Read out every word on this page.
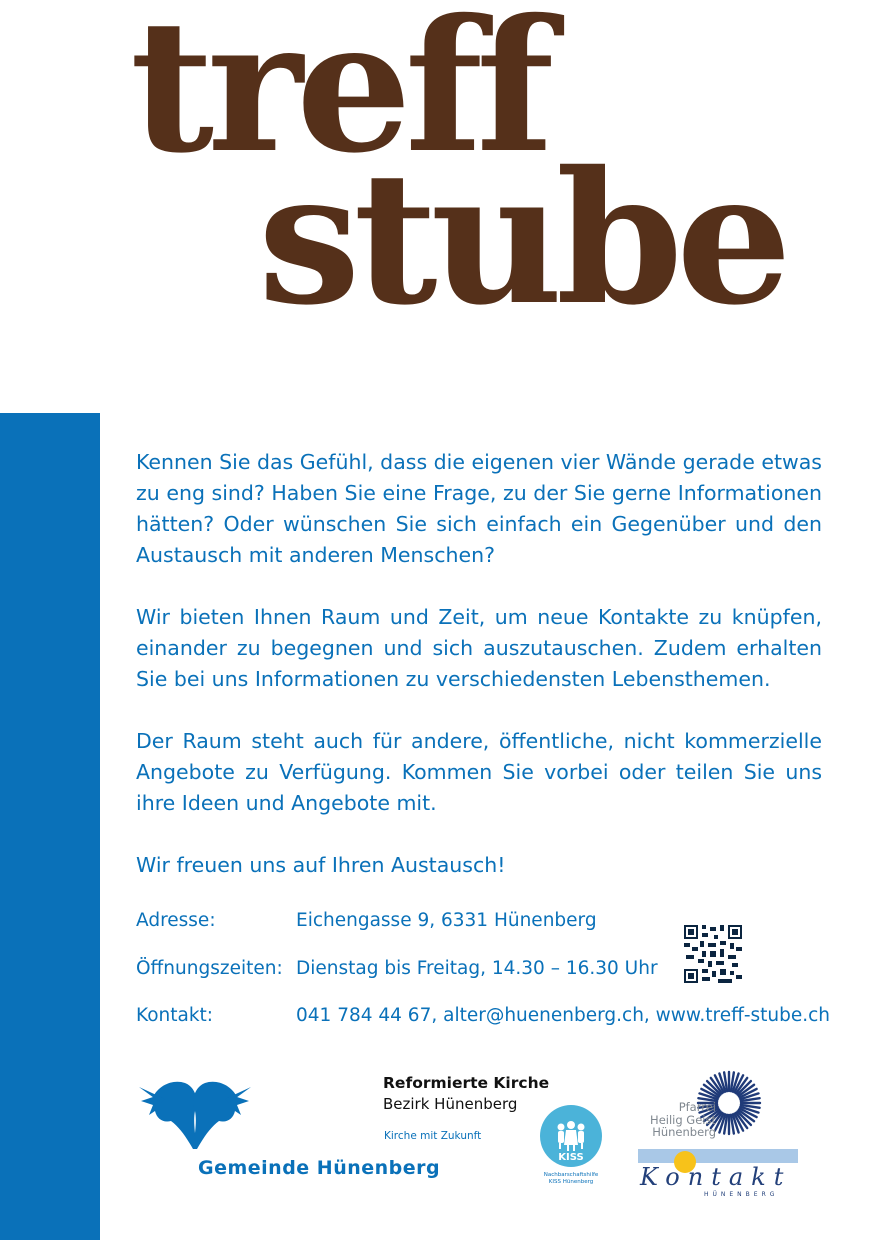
treff
stube

Kennen Sie das Gefühl, dass die eigenen vier Wände gerade etwas zu eng sind? Haben Sie eine Frage, zu der Sie gerne Informationen hätten? Oder wünschen Sie sich einfach ein Gegenüber und den Austausch mit anderen Menschen?

Wir bieten Ihnen Raum und Zeit, um neue Kontakte zu knüpfen, einander zu begegnen und sich auszutauschen. Zudem erhalten Sie bei uns Informationen zu verschiedensten Lebensthemen.

Der Raum steht auch für andere, öffentliche, nicht kommerzielle Angebote zu Verfügung. Kommen Sie vorbei oder teilen Sie uns ihre Ideen und Angebote mit.

Wir freuen uns auf Ihren Austausch!

Adresse:	Eichengasse 9, 6331 Hünenberg
Öffnungszeiten: Dienstag bis Freitag, 14.30 – 16.30 Uhr
Kontakt:	041 784 44 67, alter@huenenberg.ch, www.treff-stube.ch
Gemeinde Hünenberg
Reformierte Kirche
Bezirk Hünenberg
Kirche mit Zukunft
KISS
Nachbarschaftshilfe KISS Hünenberg
Pfarrei
Heilig Geist
Hünenberg
Kontakt
HÜNENBERG
